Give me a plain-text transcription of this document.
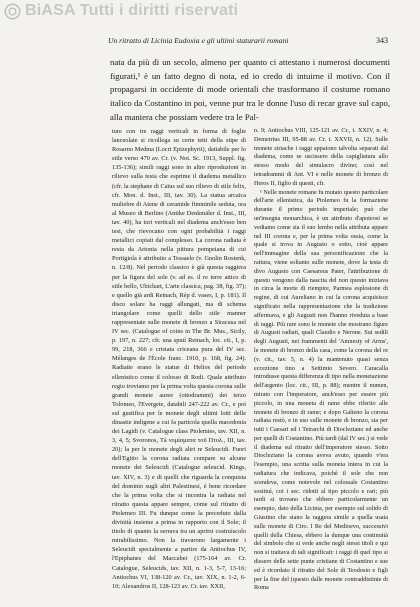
BiASA Tutti i diritti riservati
Un ritratto di Licinia Eudoxia e gli ultimi staturarii romani	343

nata da più di un secolo, almeno per quanto ci attestano i numerosi documenti figurati,¹ è un fatto degno di nota, ed io credo di intuirne il motivo. Con il propagarsi in occidente di mode orientali che trasformano il costume romano italico da Costantino in poi, venne pur tra le donne l'uso di recar grave sul capo, alla maniera che possiam vedere tra le Pal-

ture con tre raggi verticali in forma di foglie lanceolate si ricollega su certe tetti della stipe di Rosarno Medma (Locri Epizephyrii), datiabile per lo stile verso 470 av. Cr. (v. Not. Sc. 1913, Suppl. fig. 135-136); simili raggi sono in altre riproduzioni in rilievo sulla testa che esprime il diadema metallico (cfr. la stephane di Caïus sul suo rilievo di stile felix, cfr. Mon. d. Inst., III, tav. 30). La statua arcaica muliebre di Atene di ceramide fimminile seduta, ora al Museo di Berlino (Antike Denkmäler d. Inst., III, tav. 40), ha tori verticali nel diadema anch'esso ben tesi, che rievocano con ogni probabilità i raggi metallici copiati dal complesso. La corona radiata è resta da Artonia nella pittura pompeiana di cui Portigiola è attribuito a Tessaelo (v. Gnolin Rostenk, n. 12/8). Nel periodo classico è già questa raggiera per la figura del sole (v. ad es. il re terre attico di stile bello, Ubichart, L'arte classica, pag. 38, fig. 37); e quello già ardi Reinach, Rép d. vases, I, p. 181). Il disco solare ha raggi allungati, ma di schema triangolare come quelli dello stile manner rappresentate sulle monete di bronzo a Siracusa nel IV sec. (Catalogue of coins in The Br. Mus., Sicily, p. 197, n. 227; cfr. una sputì Reinach, loc. cit., I, p. 99, 218, 366 e cristata criceana pura del IV sec. Mélanges de l'École franc. 1910, p. 168, fig. 24). Radiatte erano le statue di Helios del periodo ellenistico come il colosso di Rodi. Quale attributo regio troviamo per la prima volta questa corona sulle grandi monete auree (ottodrammi) dei terzo Tolomeo, l'Evergete, databili 247-222 av. Cr., e poi sul gustifica per le monete degli ultimi lotti delle dinastie indigene a cui fa particola quella macedonia dei Lagidi (v. Catalogue class Ptolemies, tav. XII, n. 3, 4, 5; Svoronos, Tà νομίσματα τοῦ Πτολ., III, tav. 20); la per le monete degli altri re Seleucidi. Fuori dell'Egitto la corona radiata compare su alcune monete dei Seleucidi (Catalogue seleucid. Kings, tav. XIV, n. 3) e di quelli che riguarda la conquista del dominio sugli altri Palestinesi, è bene ricordare che la prima volta che si incontra la radiata nel ritratto questa appare sempre, come sul ritratto di Ptolemeo III. Fu dunque come la preceduto dalla divinità insieme a prima in rapporto con il Sole; il titolo di quanto la serrava tra un aprirsi costruiscolo mirabilissimo. Non la travarono largamente i Seleucidi specialmente a partire da Antiochus IV, l'Epiphanes del Maccabei (175-164 av. Cr. Catalogue, Seleucids, tav. XII, n. 1-3, 5-7, 13-16; Antiochus VI, 138-120 av. Cr., tav. XIX, n. 1-2, 6-10; Alexandros II, 128-123 av. Cr. tav. XXII,

n. 9; Antiochus VIII, 125-121 av. Cr., t. XXIV, n. 4; Demetrius III, 95-88 av. Cr. t. XXVII, n. 12). Sulle monete siriache i raggi appaiono talvolta separati dal diadema, come se uscissero della capigliatura allo stesso modo del simulacro divino; così nel tetradrammi di Ant. VI e nelle monete di bronzo di Heros II, figlio di questi, cfr.

¹ Nelle monete romane fu mutato questo particolare dell'arte ellenistica, da Ptolemeo fu la formazione durante il primo periodo imperiale; può che un'insegna monarchica, è un attributo d'apoteosi se vediamo come sia il suo lembo nella attributa appare nel III corona e, per la prima volta ossia, come la quale si trova in Augusto o sotto, cioè appare nell'immagine della sua personificazione che la rattura, viene soltanto sulle monete, dove la testa di divo Augusto con Caesareus Pater, l'attribuzione di questo vengono dalla nascita del non questo iniziava in circa la morte di riempire, Parmea esplosione di regine, di cui Aureliano in cui la corona acquisisce significato nella rappresentazione che la tradizione affermava, e gli Augusti non l'hanno riveduta a base di raggi. Più rare sono le monete che mostrano figure di Augusti radiati, quali Claudio e Nerone. Sui sedili degli Augusti, nei frammenti del 'Amnesty of Arms', le monete di bronzo della casa, come la corona del re (v. cit., tav. 5, n. 4) la mantenuto quasi senza eccezione tino a Settimio Severo. Caracalla introdusse questa differenza di tipo nella monetazione dell'argento (loc. cit., III, p. 88); mentre il numen, mirato con l'imperatore, anch'esso per essere più piccolo, in una moneta di rame ebbe riferito alle monete di bronzo di rame; e dopo Galieno la corona radiata restò, e in uso sulle monete di bronzo, sia per tutti i Caesari ed i Tetrarchi di Diocleziano ed anche per quelli di Costantino. Più tardi (dal IV sec.) si vede il diadema sul ritratto dell'imperatore stesso. Sotto Diocleziano la corona aveva avuto, quando v'era l'esempio, una scritta sulla moneta intera in cui la radiatura che indicava, poichè il sole che non scendeva, come notevole nel colossale Costantino sostituì, coi i sec. ridotti al tipo piccolo e rari; più tardi si trovano che ebbero particolarmente un esempio, dato della Licinia, per esempio sul solido di Giustino che siano la raggera simile a quella usata sulle monete di Ciro. I Re del Medioevo, successivi quelli della Chiesa, ebbero la dunque una continuità del simbolo che si vede anche negli stessi titoli e qui non si trattava di tali significati: i raggi di quel tipo si dissero delle sette punte cristiane di Costantino e sue ed è ricordato il ritratto del Sole di Teodosio e figli per la fine del (questo dalle monete contraddistinte di Roma
